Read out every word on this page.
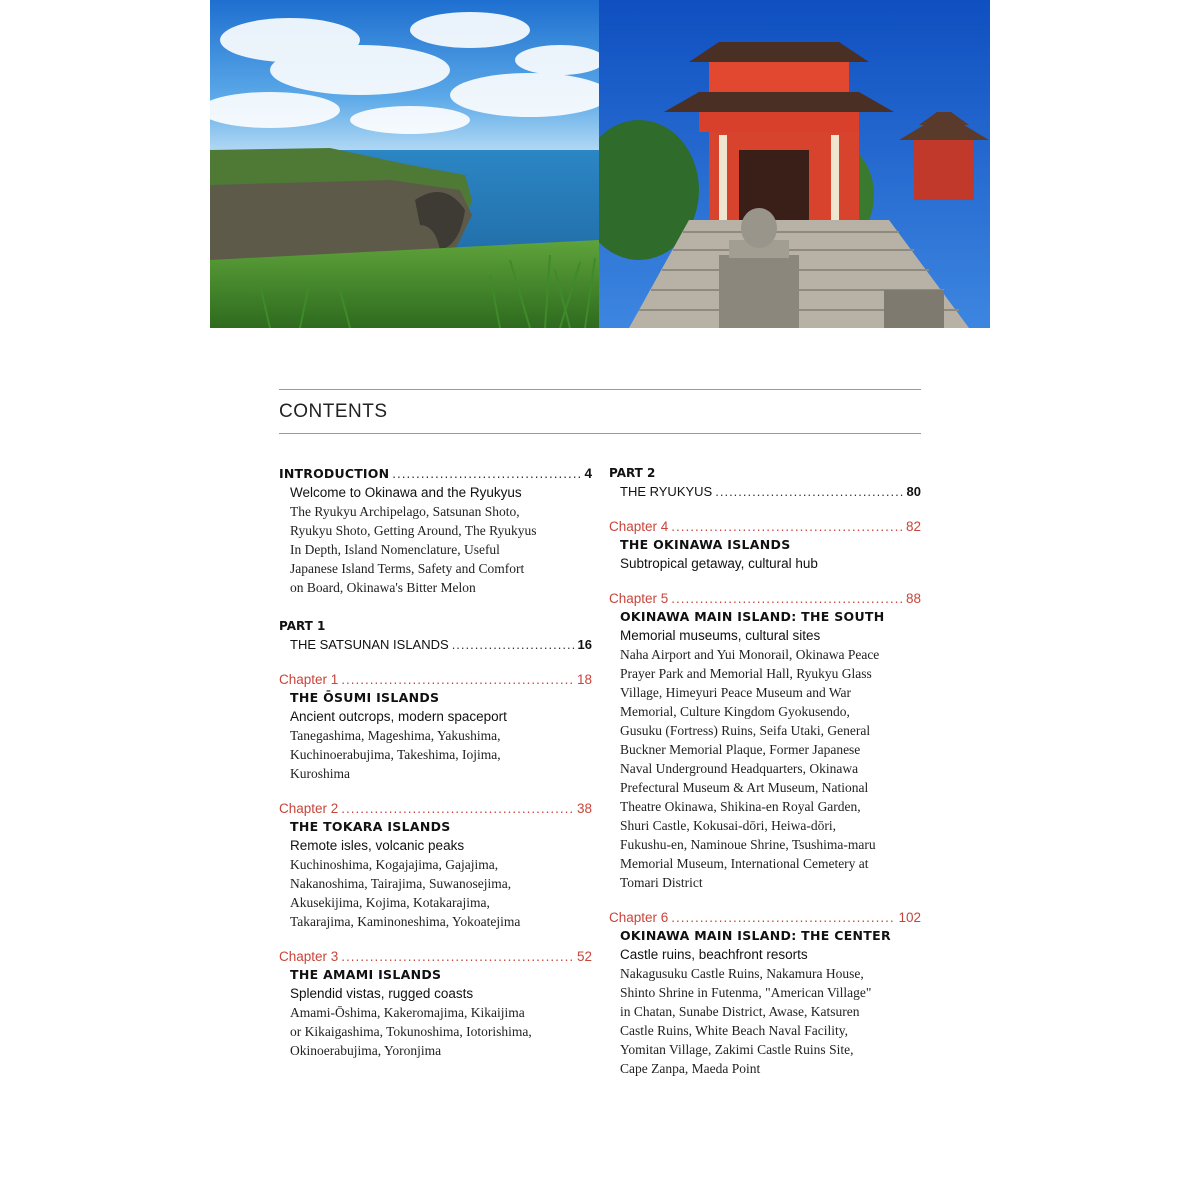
CONTENTS
INTRODUCTION .....	4
Welcome to Okinawa and the Ryukyus
The Ryukyu Archipelago, Satsunan Shoto,
Ryukyu Shoto, Getting Around, The Ryukyus
In Depth, Island Nomenclature, Useful
Japanese Island Terms, Safety and Comfort
on Board, Okinawa's Bitter Melon
PART 1
THE SATSUNAN ISLANDS .....	16
Chapter 1 .....	18
THE ŌSUMI ISLANDS
Ancient outcrops, modern spaceport
Tanegashima, Mageshima, Yakushima,
Kuchinoerabujima, Takeshima, Iojima,
Kuroshima
Chapter 2 .....	38
THE TOKARA ISLANDS
Remote isles, volcanic peaks
Kuchinoshima, Kogajajima, Gajajima,
Nakanoshima, Tairajima, Suwanosejima,
Akusekijima, Kojima, Kotakarajima,
Takarajima, Kaminoneshima, Yokoatejima
Chapter 3 .....	52
THE AMAMI ISLANDS
Splendid vistas, rugged coasts
Amami-Ōshima, Kakeromajima, Kikaijima
or Kikaigashima, Tokunoshima, Iotorishima,
Okinoerabujima, Yoronjima
PART 2
THE RYUKYUS .....	80
Chapter 4 .....	82
THE OKINAWA ISLANDS
Subtropical getaway, cultural hub
Chapter 5 .....	88
OKINAWA MAIN ISLAND: THE SOUTH
Memorial museums, cultural sites
Naha Airport and Yui Monorail, Okinawa Peace
Prayer Park and Memorial Hall, Ryukyu Glass
Village, Himeyuri Peace Museum and War
Memorial, Culture Kingdom Gyokusendo,
Gusuku (Fortress) Ruins, Seifa Utaki, General
Buckner Memorial Plaque, Former Japanese
Naval Underground Headquarters, Okinawa
Prefectural Museum & Art Museum, National
Theatre Okinawa, Shikina-en Royal Garden,
Shuri Castle, Kokusai-dōri, Heiwa-dōri,
Fukushu-en, Naminoue Shrine, Tsushima-maru
Memorial Museum, International Cemetery at
Tomari District
Chapter 6 .....	102
OKINAWA MAIN ISLAND: THE CENTER
Castle ruins, beachfront resorts
Nakagusuku Castle Ruins, Nakamura House,
Shinto Shrine in Futenma, "American Village"
in Chatan, Sunabe District, Awase, Katsuren
Castle Ruins, White Beach Naval Facility,
Yomitan Village, Zakimi Castle Ruins Site,
Cape Zanpa, Maeda Point
